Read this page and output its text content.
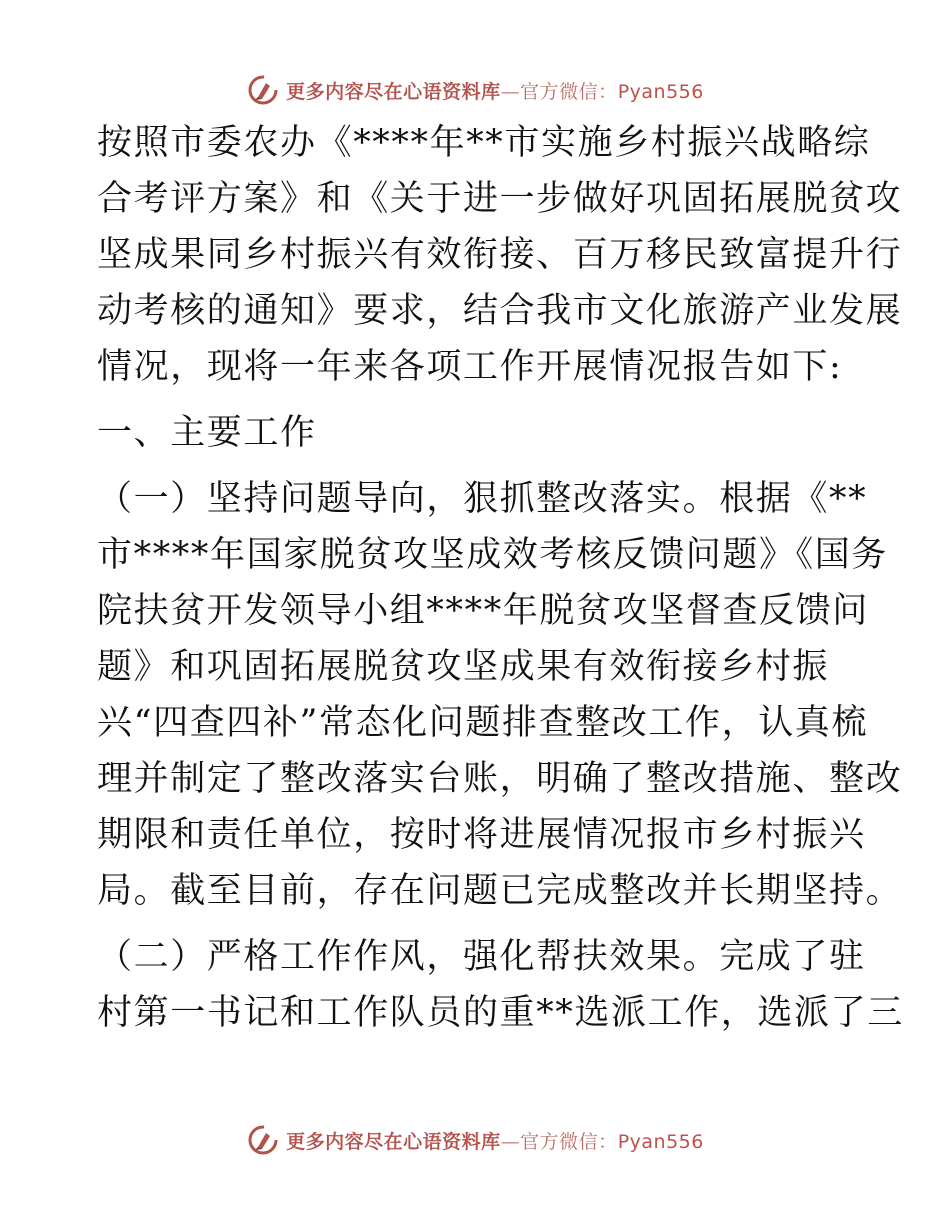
更多内容尽在心语资料库—官方微信：Pyan556
按照市委农办《****年**市实施乡村振兴战略综
合考评方案》和《关于进一步做好巩固拓展脱贫攻
坚成果同乡村振兴有效衔接、百万移民致富提升行
动考核的通知》要求，结合我市文化旅游产业发展
情况，现将一年来各项工作开展情况报告如下:
一、主要工作
（一）坚持问题导向，狠抓整改落实。根据《**
市****年国家脱贫攻坚成效考核反馈问题》《国务
院扶贫开发领导小组****年脱贫攻坚督查反馈问
题》和巩固拓展脱贫攻坚成果有效衔接乡村振
兴“四查四补”常态化问题排查整改工作，认真梳
理并制定了整改落实台账，明确了整改措施、整改
期限和责任单位，按时将进展情况报市乡村振兴
局。截至目前，存在问题已完成整改并长期坚持。
（二）严格工作作风，强化帮扶效果。完成了驻
村第一书记和工作队员的重**选派工作，选派了三
更多内容尽在心语资料库—官方微信：Pyan556
